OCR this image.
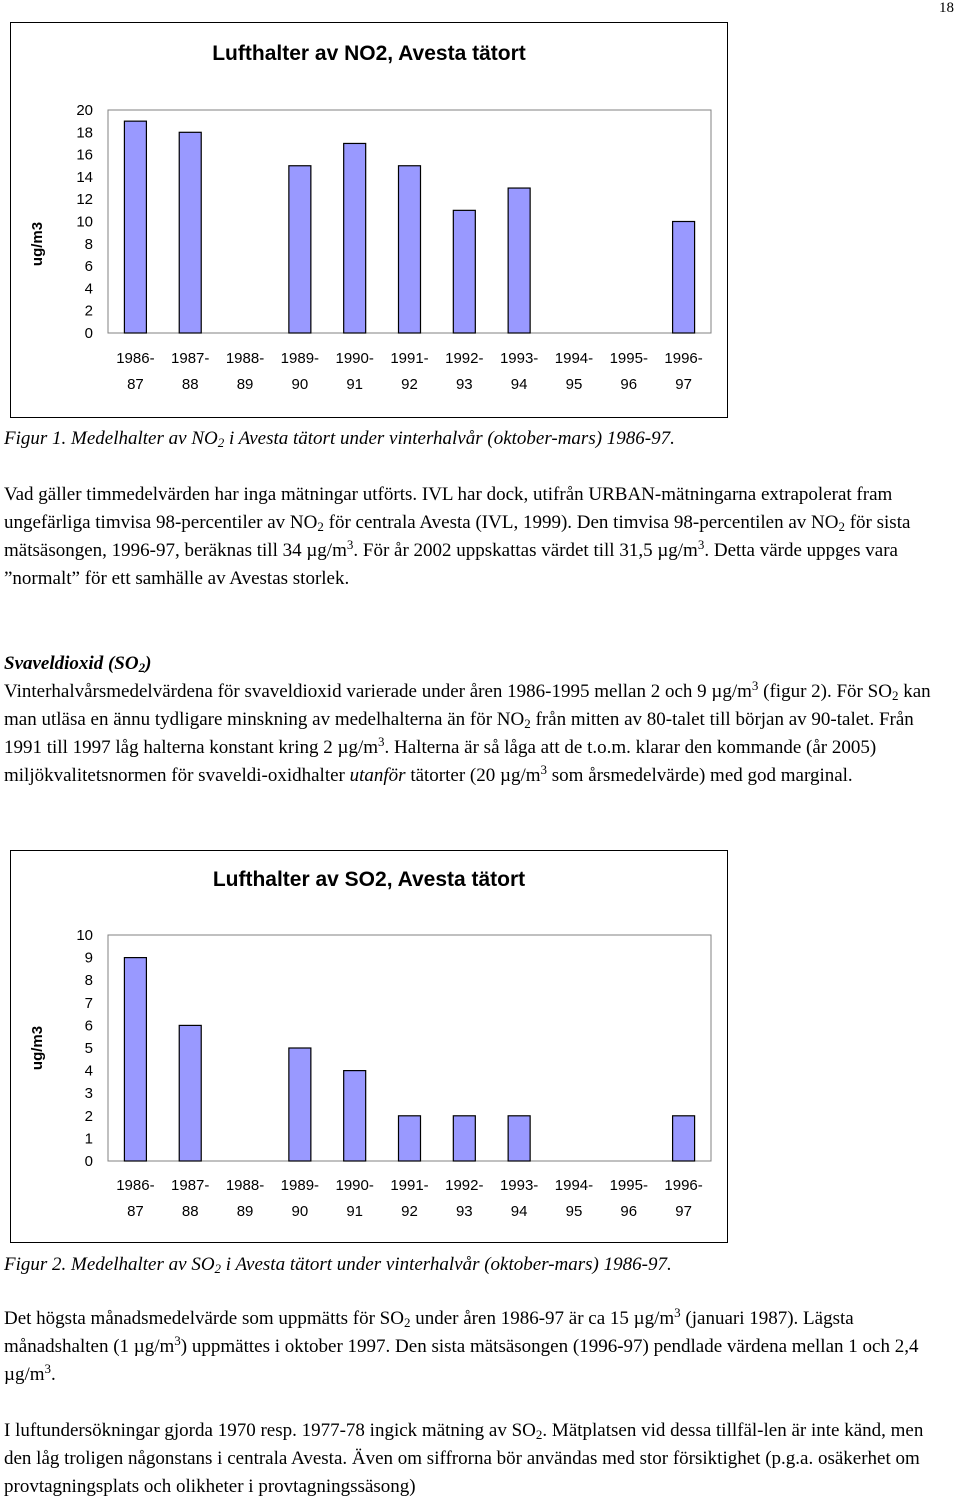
18
Lufthalter av NO2, Avesta tätort
ug/m3
20
18
16
14
12
10
8
6
4
2
0
1986-
87
1987-
88
1988-
89
1989-
90
1990-
91
1991-
92
1992-
93
1993-
94
1994-
95
1995-
96
1996-
97

Figur 1. Medelhalter av $NO_2$ i Avesta tätort under vinterhalvår (oktober-mars) 1986-97.

Vad gäller timmedelvärden har inga mätningar utförts. IVL har dock, utifrån URBAN-mätningarna extrapolerat fram ungefärliga timvisa 98-percentiler av $NO_2$ för centrala Avesta (IVL, 1999). Den timvisa 98-percentilen av $NO_2$ för sista mätsäsongen, 1996-97, beräknas till 34 $\mu g/m^3$. För år 2002 uppskattas värdet till 31,5 $\mu g/m^3$. Detta värde uppges vara ”normalt” för ett samhälle av Avestas storlek.

Svaveldioxid $(SO_2)$

Vinterhalvårsmedelvärdena för svaveldioxid varierade under åren 1986-1995 mellan 2 och 9 $\mu g/m^3$ (figur 2). För $SO_2$ kan man utläsa en ännu tydligare minskning av medelhalterna än för $NO_2$ från mitten av 80-talet till början av 90-talet. Från 1991 till 1997 låg halterna konstant kring 2 $\mu g/m^3$. Halterna är så låga att de t.o.m. klarar den kommande (år 2005) miljökvalitetsnormen för svaveldi-oxidhalter utanför tätorter (20 $\mu g/m^3$ som årsmedelvärde) med god marginal.

Lufthalter av SO2, Avesta tätort
ug/m3
10
9
8
7
6
5
4
3
2
1
0
1986-
87
1987-
88
1988-
89
1989-
90
1990-
91
1991-
92
1992-
93
1993-
94
1994-
95
1995-
96
1996-
97

Figur 2. Medelhalter av $SO_2$ i Avesta tätort under vinterhalvår (oktober-mars) 1986-97.

Det högsta månadsmedelvärde som uppmätts för $SO_2$ under åren 1986-97 är ca 15 $\mu g/m^3$ (januari 1987). Lägsta månadshalten (1 $\mu g/m^3$) uppmättes i oktober 1997. Den sista mätsäsongen (1996-97) pendlade värdena mellan 1 och 2,4 $\mu g/m^3$.

I luftundersökningar gjorda 1970 resp. 1977-78 ingick mätning av $SO_2$. Mätplatsen vid dessa tillfäl-len är inte känd, men den låg troligen någonstans i centrala Avesta. Även om siffrorna bör användas med stor försiktighet (p.g.a. osäkerhet om provtagningsplats och olikheter i provtagningssäsong)
